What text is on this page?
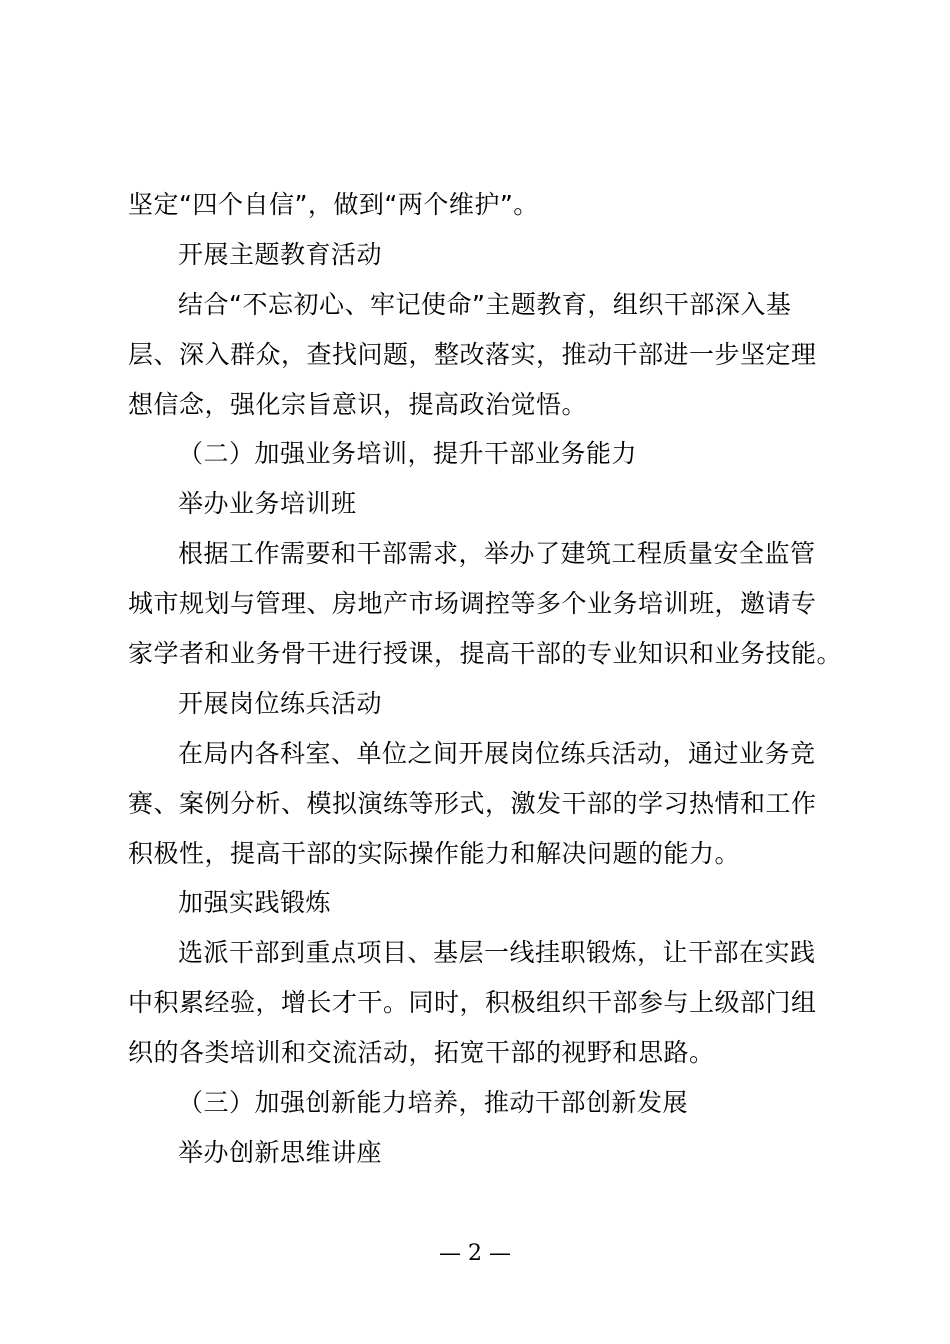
坚定“四个自信”，做到“两个维护”。
开展主题教育活动
结合“不忘初心、牢记使命”主题教育，组织干部深入基
层、深入群众，查找问题，整改落实，推动干部进一步坚定理
想信念，强化宗旨意识，提高政治觉悟。
（二）加强业务培训，提升干部业务能力
举办业务培训班
根据工作需要和干部需求，举办了建筑工程质量安全监管
城市规划与管理、房地产市场调控等多个业务培训班，邀请专
家学者和业务骨干进行授课，提高干部的专业知识和业务技能。
开展岗位练兵活动
在局内各科室、单位之间开展岗位练兵活动，通过业务竞
赛、案例分析、模拟演练等形式，激发干部的学习热情和工作
积极性，提高干部的实际操作能力和解决问题的能力。
加强实践锻炼
选派干部到重点项目、基层一线挂职锻炼，让干部在实践
中积累经验，增长才干。同时，积极组织干部参与上级部门组
织的各类培训和交流活动，拓宽干部的视野和思路。
（三）加强创新能力培养，推动干部创新发展
举办创新思维讲座
— 2 —
